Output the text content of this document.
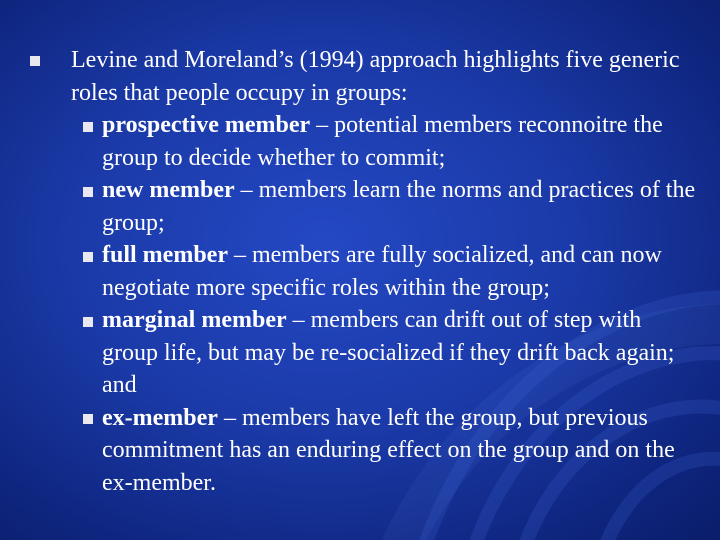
Levine and Moreland’s (1994) approach highlights five generic roles that people occupy in groups:
prospective member – potential members reconnoitre the group to decide whether to commit;
new member – members learn the norms and practices of the group;
full member – members are fully socialized, and can now negotiate more specific roles within the group;
marginal member – members can drift out of step with group life, but may be re-socialized if they drift back again; and
ex-member – members have left the group, but previous commitment has an enduring effect on the group and on the ex-member.
